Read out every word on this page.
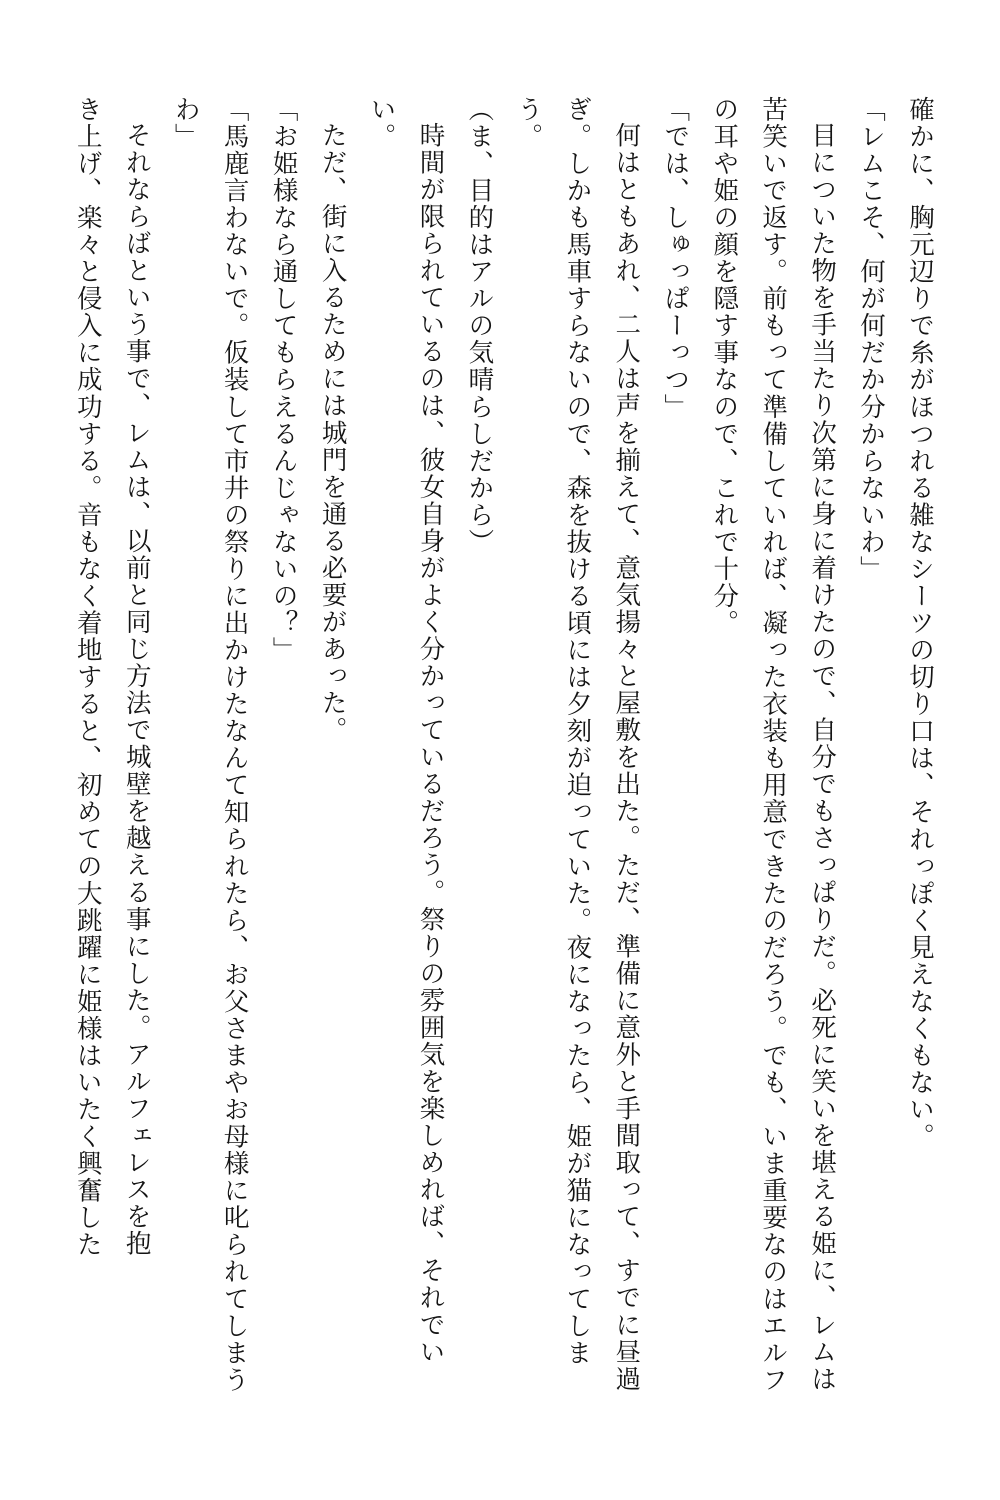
確かに、胸元辺りで糸がほつれる雑なシーツの切り口は、それっぽく見えなくもない。

「レムこそ、何が何だか分からないわ」

目についた物を手当たり次第に身に着けたので、自分でもさっぱりだ。必死に笑いを堪える姫に、レムは苦笑いで返す。前もって準備していれば、凝った衣装も用意できたのだろう。でも、いま重要なのはエルフの耳や姫の顔を隠す事なので、これで十分。

「では、しゅっぱーっつ」

何はともあれ、二人は声を揃えて、意気揚々と屋敷を出た。ただ、準備に意外と手間取って、すでに昼過ぎ。しかも馬車すらないので、森を抜ける頃には夕刻が迫っていた。夜になったら、姫が猫になってしまう。

（ま、目的はアルの気晴らしだから）

時間が限られているのは、彼女自身がよく分かっているだろう。祭りの雰囲気を楽しめれば、それでいい。

ただ、街に入るためには城門を通る必要があった。

「お姫様なら通してもらえるんじゃないの？」

「馬鹿言わないで。仮装して市井の祭りに出かけたなんて知られたら、お父さまやお母様に叱られてしまうわ」

それならばという事で、レムは、以前と同じ方法で城壁を越える事にした。アルフェレスを抱

き上げ、楽々と侵入に成功する。音もなく着地すると、初めての大跳躍に姫様はいたく興奮した
